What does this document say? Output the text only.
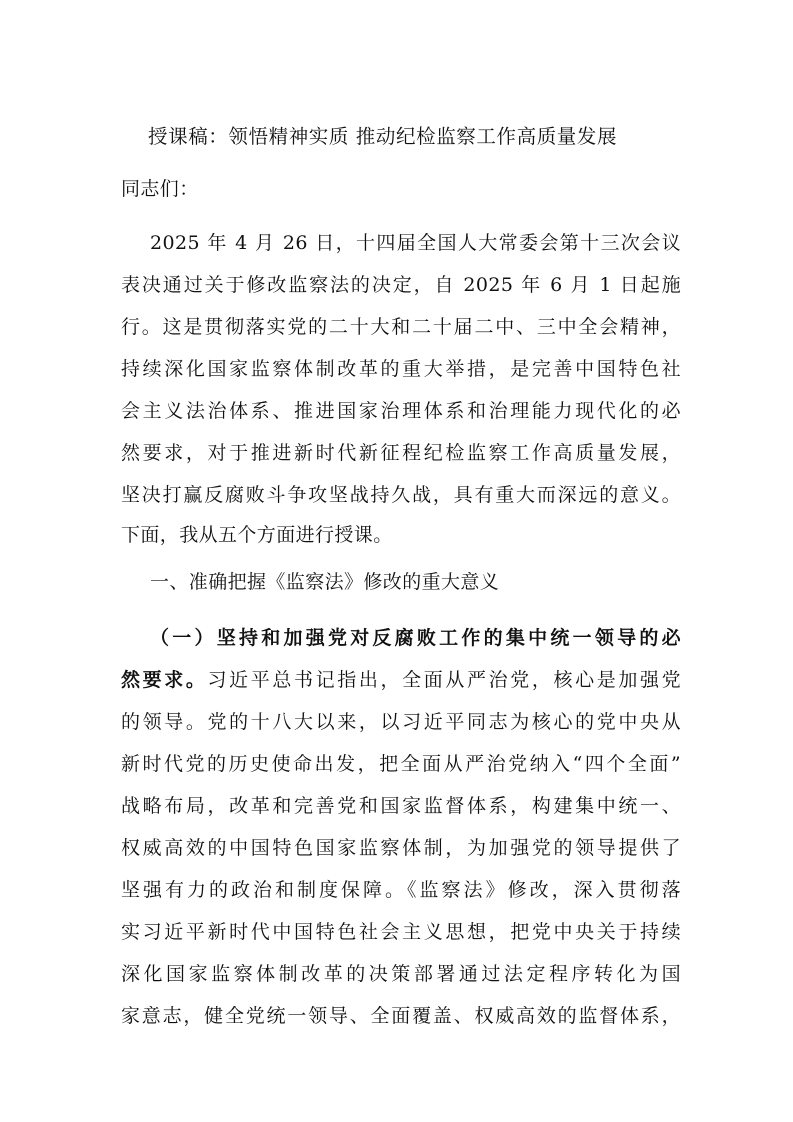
授课稿：领悟精神实质 推动纪检监察工作高质量发展
同志们：
2025 年 4 月 26 日，十四届全国人大常委会第十三次会议
表决通过关于修改监察法的决定，自 2025 年 6 月 1 日起施
行。这是贯彻落实党的二十大和二十届二中、三中全会精神，
持续深化国家监察体制改革的重大举措，是完善中国特色社
会主义法治体系、推进国家治理体系和治理能力现代化的必
然要求，对于推进新时代新征程纪检监察工作高质量发展，
坚决打赢反腐败斗争攻坚战持久战，具有重大而深远的意义。
下面，我从五个方面进行授课。
一、准确把握《监察法》修改的重大意义
（一）坚持和加强党对反腐败工作的集中统一领导的必
然要求。习近平总书记指出，全面从严治党，核心是加强党
的领导。党的十八大以来，以习近平同志为核心的党中央从
新时代党的历史使命出发，把全面从严治党纳入“四个全面”
战略布局，改革和完善党和国家监督体系，构建集中统一、
权威高效的中国特色国家监察体制，为加强党的领导提供了
坚强有力的政治和制度保障。《监察法》修改，深入贯彻落
实习近平新时代中国特色社会主义思想，把党中央关于持续
深化国家监察体制改革的决策部署通过法定程序转化为国
家意志，健全党统一领导、全面覆盖、权威高效的监督体系，
